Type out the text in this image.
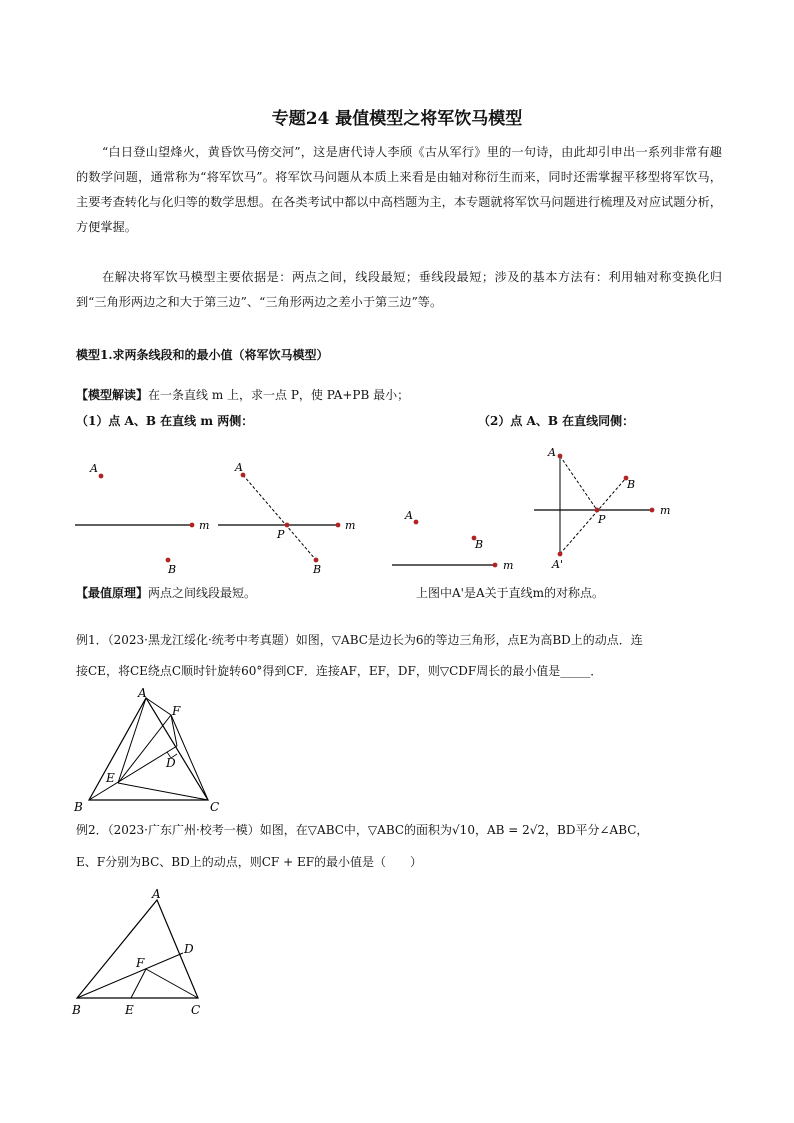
专题24 最值模型之将军饮马模型
“白日登山望烽火，黄昏饮马傍交河”，这是唐代诗人李颀《古从军行》里的一句诗，由此却引申出一系列非常有趣的数学问题，通常称为“将军饮马”。将军饮马问题从本质上来看是由轴对称衍生而来，同时还需掌握平移型将军饮马，主要考查转化与化归等的数学思想。在各类考试中都以中高档题为主，本专题就将军饮马问题进行梳理及对应试题分析，方便掌握。
在解决将军饮马模型主要依据是：两点之间，线段最短；垂线段最短；涉及的基本方法有：利用轴对称变换化归到“三角形两边之和大于第三边”、“三角形两边之差小于第三边”等。
模型1.求两条线段和的最小值（将军饮马模型）
【模型解读】在一条直线 m 上，求一点 P，使 PA+PB 最小；
（1）点 A、B 在直线 m 两侧：	（2）点 A、B 在直线同侧：
A
B
m
A
P
B
m
A
B
m
A
P
B
A'
m
【最值原理】两点之间线段最短。	上图中A'是A关于直线m的对称点。
例1．（2023·黑龙江绥化·统考中考真题）如图，▽ABC是边长为6的等边三角形，点E为高BD上的动点．连
接CE，将CE绕点C顺时针旋转60°得到CF．连接AF，EF，DF，则▽CDF周长的最小值是_____．
A
F
D
E
B	C
例2．（2023·广东广州·校考一模）如图，在▽ABC中，▽ABC的面积为√10，AB = 2√2，BD平分∠ABC，
E、F分别为BC、BD上的动点，则CF + EF的最小值是（　　）
A
D
F
B	E	C
